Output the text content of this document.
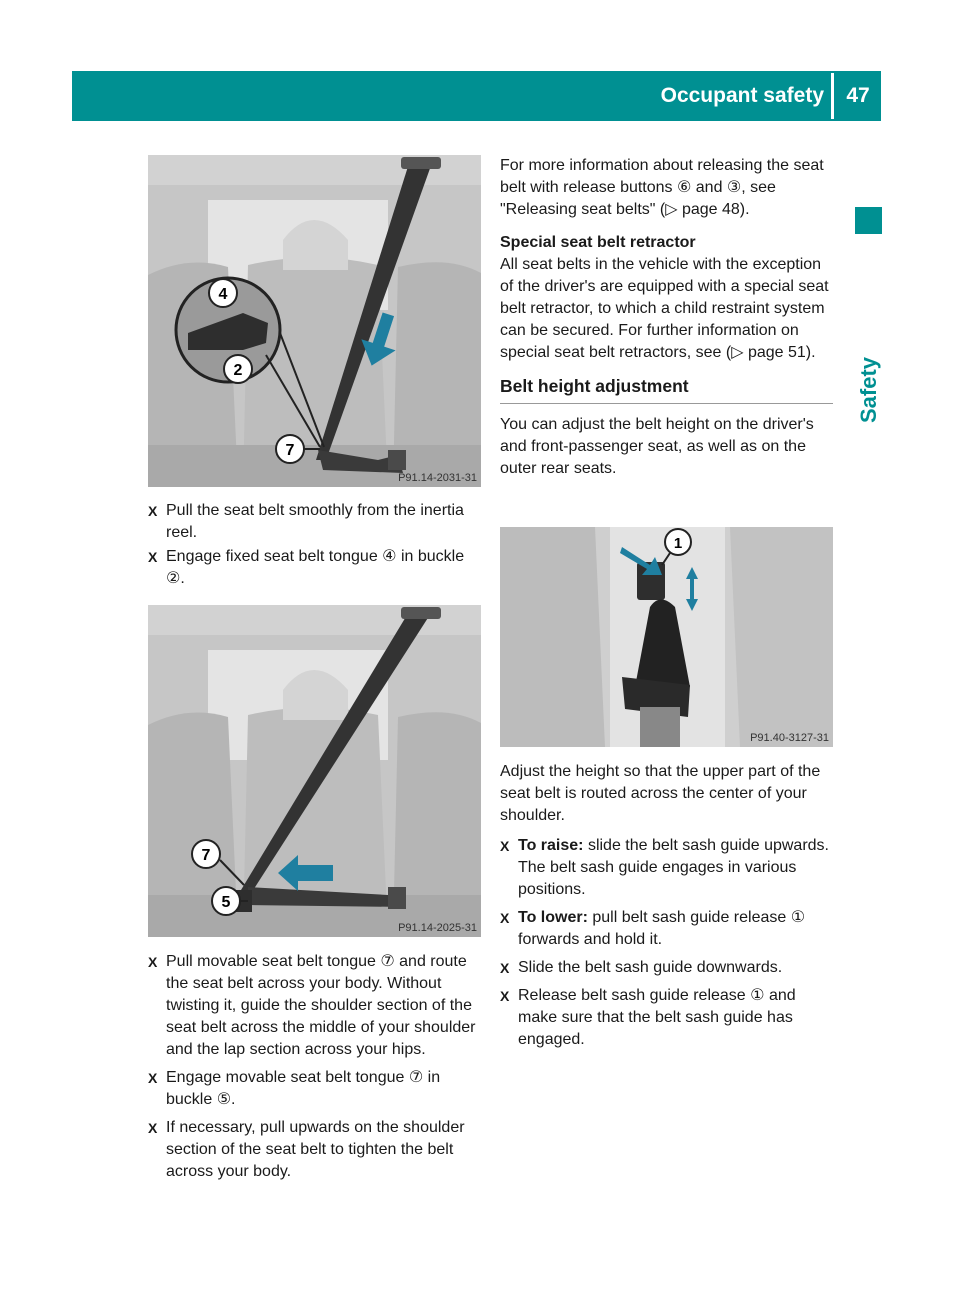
Occupant safety	47
Safety
4
2
7
P91.14-2031-31

X Pull the seat belt smoothly from the inertia reel.

X Engage fixed seat belt tongue ④ in buckle ②.

7
5
P91.14-2025-31

X Pull movable seat belt tongue ⑦ and route the seat belt across your body. Without twisting it, guide the shoulder section of the seat belt across the middle of your shoulder and the lap section across your hips.

X Engage movable seat belt tongue ⑦ in buckle ⑤.

X If necessary, pull upwards on the shoulder section of the seat belt to tighten the belt across your body.

For more information about releasing the seat belt with release buttons ⑥ and ③, see "Releasing seat belts" (▷ page 48).

Special seat belt retractor

All seat belts in the vehicle with the exception of the driver's are equipped with a special seat belt retractor, to which a child restraint system can be secured. For further information on special seat belt retractors, see (▷ page 51).

Belt height adjustment

You can adjust the belt height on the driver's and front-passenger seat, as well as on the outer rear seats.

1
P91.40-3127-31

Adjust the height so that the upper part of the seat belt is routed across the center of your shoulder.

X To raise: slide the belt sash guide upwards. The belt sash guide engages in various positions.

X To lower: pull belt sash guide release ① forwards and hold it.

X Slide the belt sash guide downwards.

X Release belt sash guide release ① and make sure that the belt sash guide has engaged.
